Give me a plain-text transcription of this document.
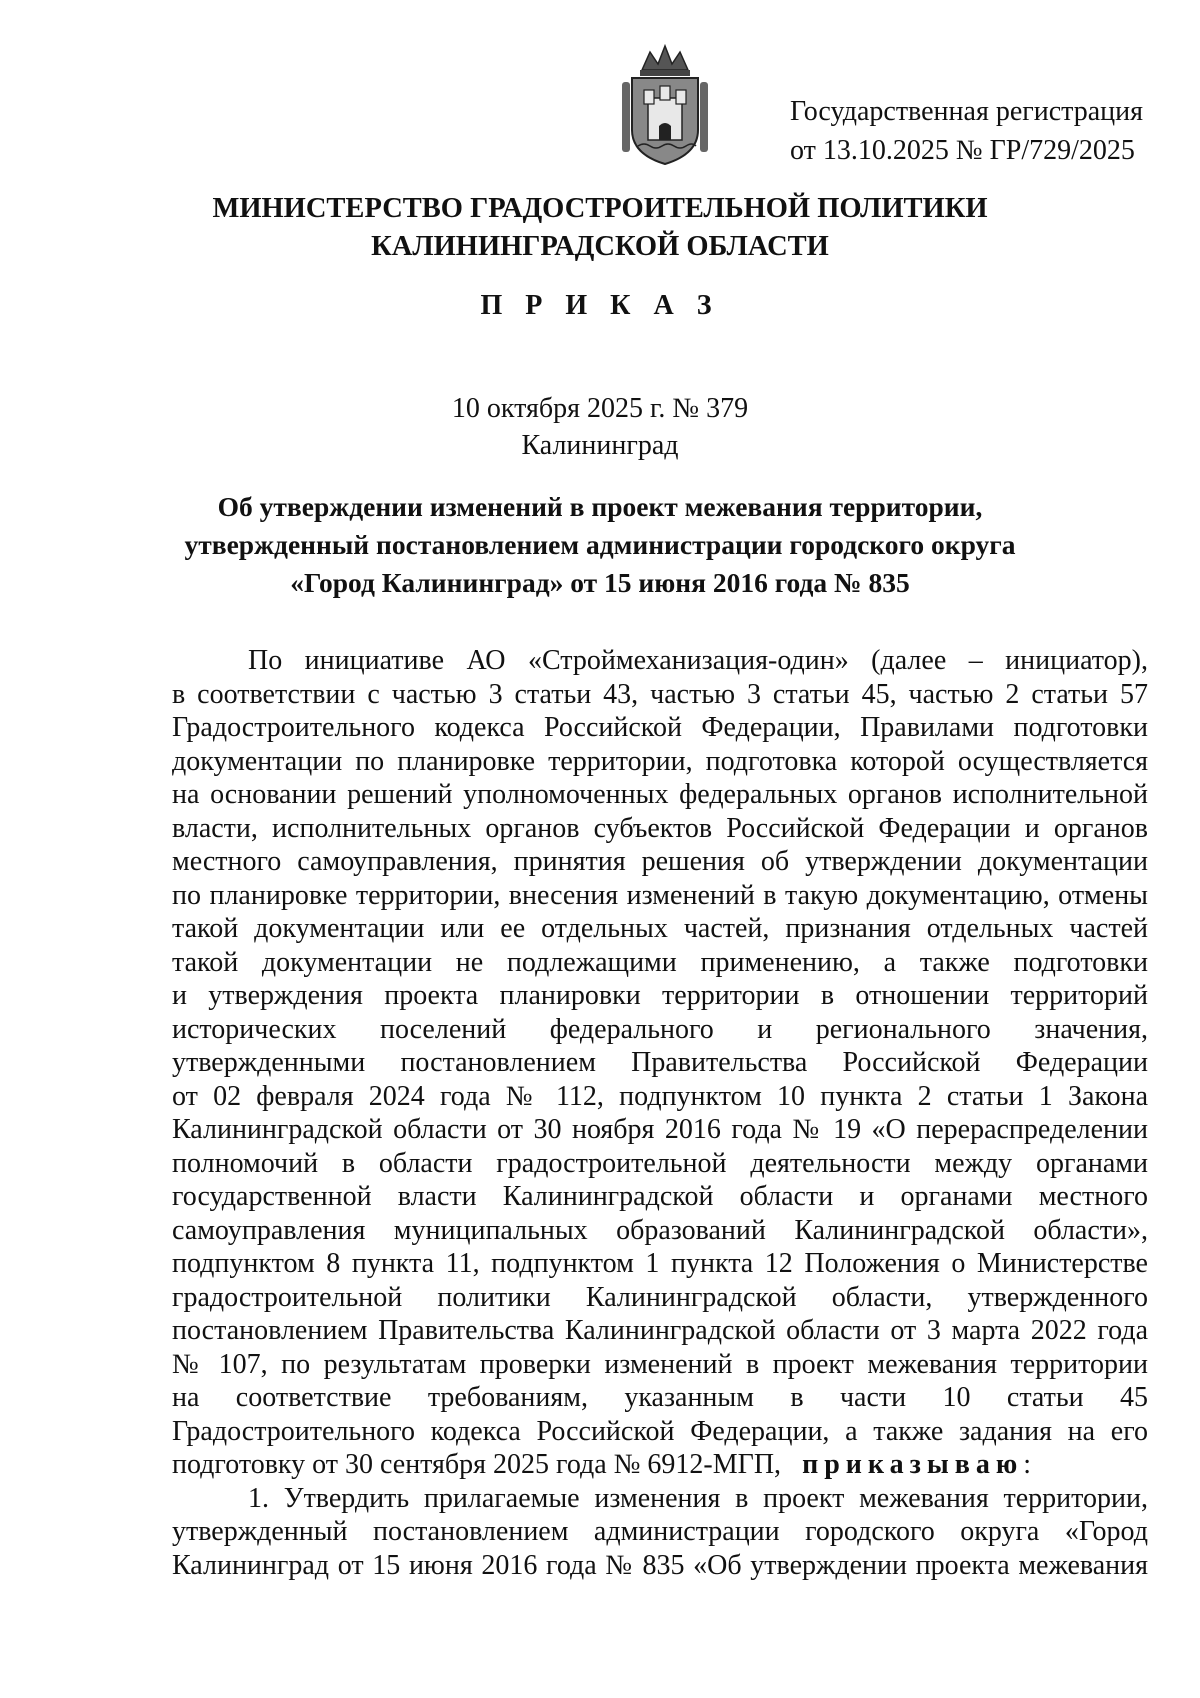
Государственная регистрация
от 13.10.2025 № ГР/729/2025
МИНИСТЕРСТВО ГРАДОСТРОИТЕЛЬНОЙ ПОЛИТИКИ
КАЛИНИНГРАДСКОЙ ОБЛАСТИ
П Р И К А З
10 октября 2025 г. № 379
Калининград
Об утверждении изменений в проект межевания территории,
утвержденный постановлением администрации городского округа
«Город Калининград» от 15 июня 2016 года № 835
По инициативе АО «Строймеханизация-один» (далее – инициатор),
в соответствии с частью 3 статьи 43, частью 3 статьи 45, частью 2 статьи 57
Градостроительного кодекса Российской Федерации, Правилами подготовки
документации по планировке территории, подготовка которой осуществляется
на основании решений уполномоченных федеральных органов исполнительной
власти, исполнительных органов субъектов Российской Федерации и органов
местного самоуправления, принятия решения об утверждении документации
по планировке территории, внесения изменений в такую документацию, отмены
такой документации или ее отдельных частей, признания отдельных частей
такой документации не подлежащими применению, а также подготовки
и утверждения проекта планировки территории в отношении территорий
исторических поселений федерального и регионального значения,
утвержденными постановлением Правительства Российской Федерации
от 02 февраля 2024 года № 112, подпунктом 10 пункта 2 статьи 1 Закона
Калининградской области от 30 ноября 2016 года № 19 «О перераспределении
полномочий в области градостроительной деятельности между органами
государственной власти Калининградской области и органами местного
самоуправления муниципальных образований Калининградской области»,
подпунктом 8 пункта 11, подпунктом 1 пункта 12 Положения о Министерстве
градостроительной политики Калининградской области, утвержденного
постановлением Правительства Калининградской области от 3 марта 2022 года
№ 107, по результатам проверки изменений в проект межевания территории
на соответствие требованиям, указанным в части 10 статьи 45
Градостроительного кодекса Российской Федерации, а также задания на его
подготовку от 30 сентября 2025 года № 6912-МГП, приказываю:
1. Утвердить прилагаемые изменения в проект межевания территории,
утвержденный постановлением администрации городского округа «Город
Калининград от 15 июня 2016 года № 835 «Об утверждении проекта межевания
